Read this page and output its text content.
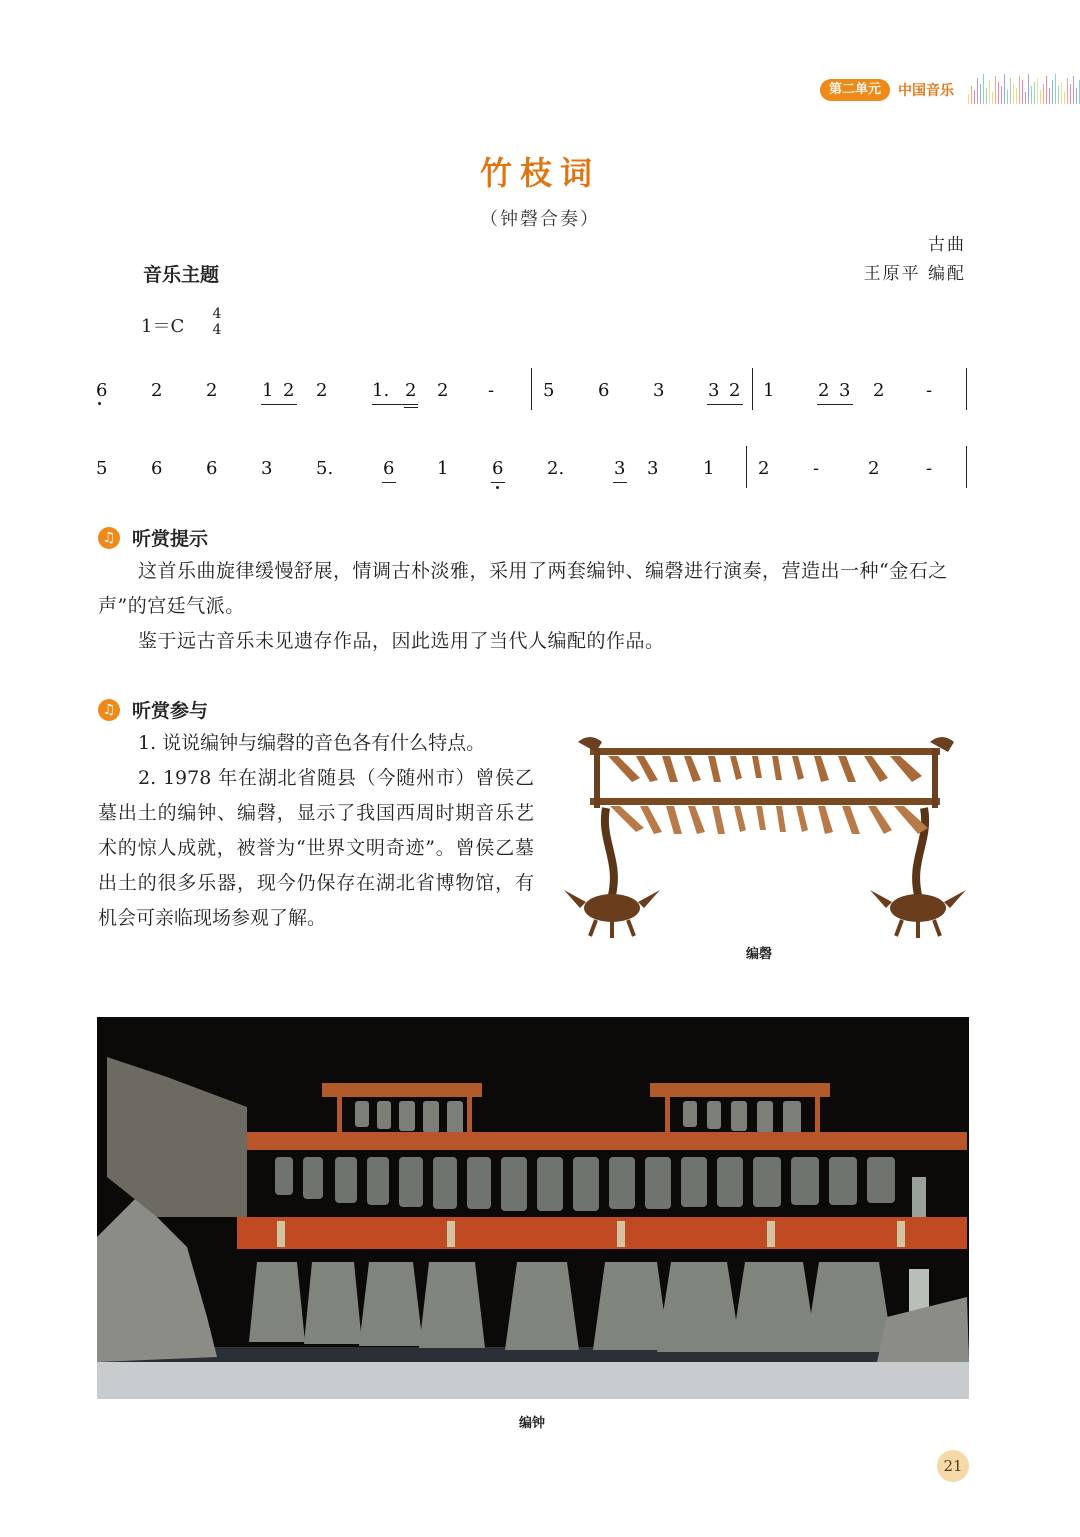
第二单元	中国音乐
竹枝词
（钟磬合奏）
古曲
王原平 编配
音乐主题
1＝C
4
4
6 2 2 1 2 2 1. 2 2 -	5 6 3 3 2 1 2 3 2 -
5 6 6 3 5.	6 1 6 2.	3 3 1 2 -	2	-
♫ 听赏提示
这首乐曲旋律缓慢舒展，情调古朴淡雅，采用了两套编钟、编磬进行演奏，营造出一种“金石之声”的宫廷气派。
鉴于远古音乐未见遗存作品，因此选用了当代人编配的作品。
♫ 听赏参与
1. 说说编钟与编磬的音色各有什么特点。
2. 1978 年在湖北省随县（今随州市）曾侯乙墓出土的编钟、编磬，显示了我国西周时期音乐艺术的惊人成就，被誉为“世界文明奇迹”。曾侯乙墓出土的很多乐器，现今仍保存在湖北省博物馆，有机会可亲临现场参观了解。
编磬
编钟
21
